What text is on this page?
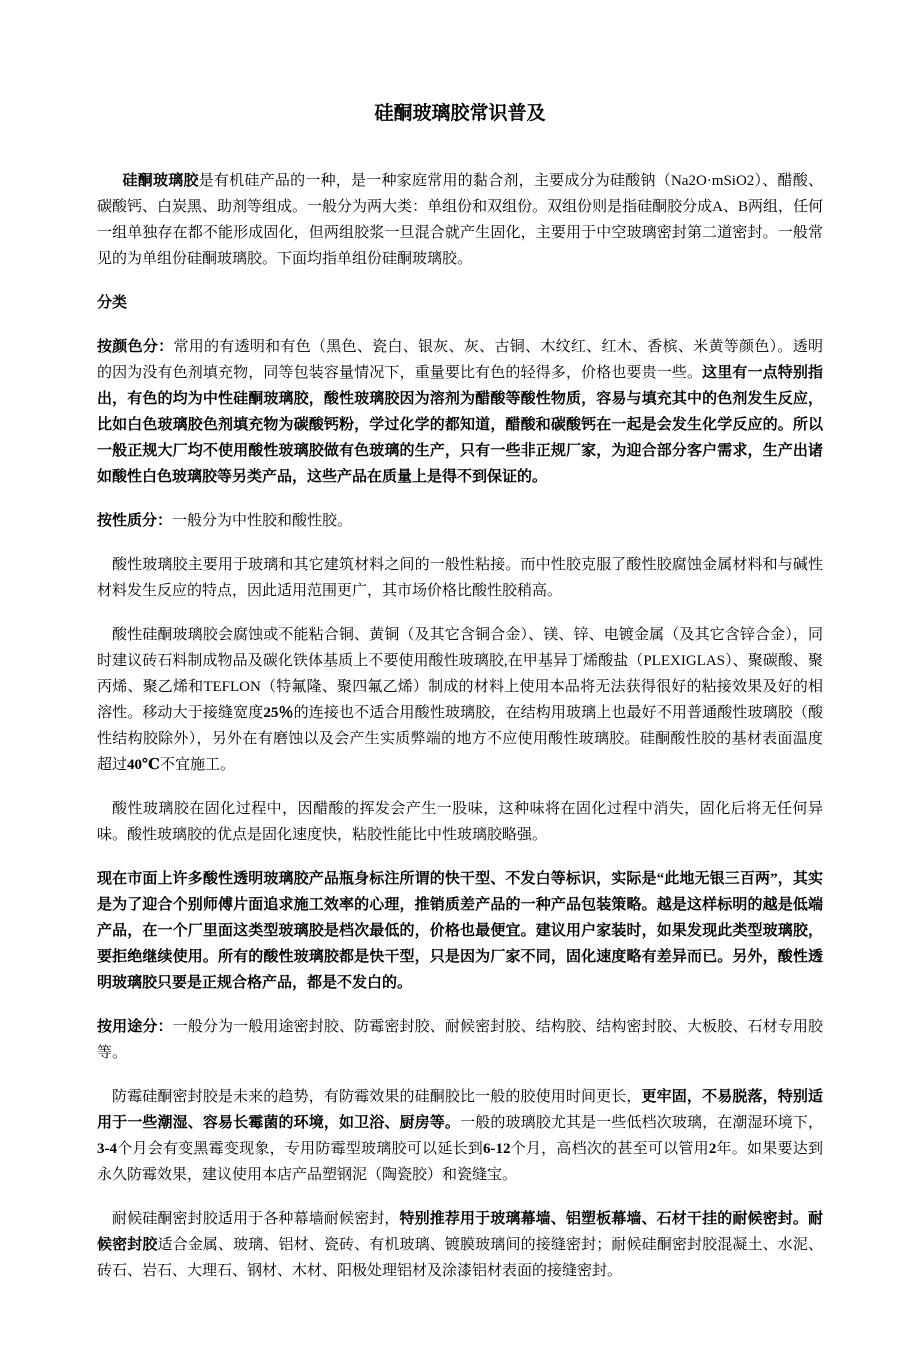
硅酮玻璃胶常识普及

硅酮玻璃胶是有机硅产品的一种，是一种家庭常用的黏合剂，主要成分为硅酸钠（Na2O·mSiO2）、醋酸、碳酸钙、白炭黑、助剂等组成。一般分为两大类：单组份和双组份。双组份则是指硅酮胶分成A、B两组，任何一组单独存在都不能形成固化，但两组胶浆一旦混合就产生固化，主要用于中空玻璃密封第二道密封。一般常见的为单组份硅酮玻璃胶。下面均指单组份硅酮玻璃胶。

分类

按颜色分：常用的有透明和有色（黑色、瓷白、银灰、灰、古铜、木纹红、红木、香槟、米黄等颜色）。透明的因为没有色剂填充物，同等包装容量情况下，重量要比有色的轻得多，价格也要贵一些。这里有一点特别指出，有色的均为中性硅酮玻璃胶，酸性玻璃胶因为溶剂为醋酸等酸性物质，容易与填充其中的色剂发生反应，比如白色玻璃胶色剂填充物为碳酸钙粉，学过化学的都知道，醋酸和碳酸钙在一起是会发生化学反应的。所以一般正规大厂均不使用酸性玻璃胶做有色玻璃的生产，只有一些非正规厂家，为迎合部分客户需求，生产出诸如酸性白色玻璃胶等另类产品，这些产品在质量上是得不到保证的。

按性质分：一般分为中性胶和酸性胶。

酸性玻璃胶主要用于玻璃和其它建筑材料之间的一般性粘接。而中性胶克服了酸性胶腐蚀金属材料和与碱性材料发生反应的特点，因此适用范围更广，其市场价格比酸性胶稍高。

酸性硅酮玻璃胶会腐蚀或不能粘合铜、黄铜（及其它含铜合金）、镁、锌、电镀金属（及其它含锌合金），同时建议砖石料制成物品及碳化铁体基质上不要使用酸性玻璃胶,在甲基异丁烯酸盐（PLEXIGLAS）、聚碳酸、聚丙烯、聚乙烯和TEFLON（特氟隆、聚四氟乙烯）制成的材料上使用本品将无法获得很好的粘接效果及好的相溶性。移动大于接缝宽度25％的连接也不适合用酸性玻璃胶，在结构用玻璃上也最好不用普通酸性玻璃胶（酸性结构胶除外），另外在有磨蚀以及会产生实质弊端的地方不应使用酸性玻璃胶。硅酮酸性胶的基材表面温度超过40℃不宜施工。

酸性玻璃胶在固化过程中，因醋酸的挥发会产生一股味，这种味将在固化过程中消失，固化后将无任何异味。酸性玻璃胶的优点是固化速度快，粘胶性能比中性玻璃胶略强。

现在市面上许多酸性透明玻璃胶产品瓶身标注所谓的快干型、不发白等标识，实际是“此地无银三百两”，其实是为了迎合个别师傅片面追求施工效率的心理，推销质差产品的一种产品包装策略。越是这样标明的越是低端产品，在一个厂里面这类型玻璃胶是档次最低的，价格也最便宜。建议用户家装时，如果发现此类型玻璃胶，要拒绝继续使用。所有的酸性玻璃胶都是快干型，只是因为厂家不同，固化速度略有差异而已。另外，酸性透明玻璃胶只要是正规合格产品，都是不发白的。

按用途分：一般分为一般用途密封胶、防霉密封胶、耐候密封胶、结构胶、结构密封胶、大板胶、石材专用胶等。

防霉硅酮密封胶是未来的趋势，有防霉效果的硅酮胶比一般的胶使用时间更长，更牢固，不易脱落，特别适用于一些潮湿、容易长霉菌的环境，如卫浴、厨房等。一般的玻璃胶尤其是一些低档次玻璃，在潮湿环境下，3-4个月会有变黑霉变现象，专用防霉型玻璃胶可以延长到6-12个月，高档次的甚至可以管用2年。如果要达到永久防霉效果，建议使用本店产品塑钢泥（陶瓷胶）和瓷缝宝。

耐候硅酮密封胶适用于各种幕墙耐候密封，特别推荐用于玻璃幕墙、铝塑板幕墙、石材干挂的耐候密封。耐候密封胶适合金属、玻璃、铝材、瓷砖、有机玻璃、镀膜玻璃间的接缝密封；耐候硅酮密封胶混凝土、水泥、砖石、岩石、大理石、钢材、木材、阳极处理铝材及涂漆铝材表面的接缝密封。
